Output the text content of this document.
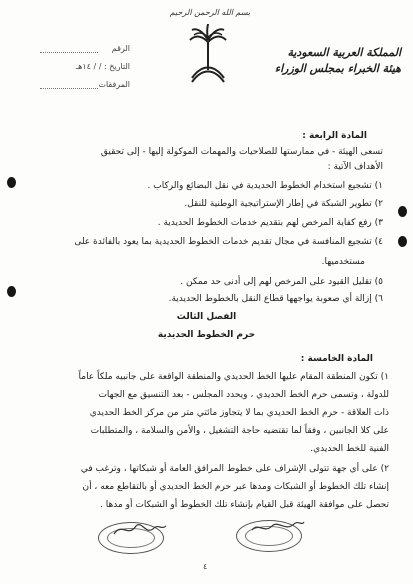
بسم الله الرحمن الرحيم
المملكة العربية السعودية
هيئة الخبراء بمجلس الوزراء
الرقم
التاريخ : / / ١٤هـ
المرفقات
المادة الرابعة :
تسعى الهيئة - في ممارستها للصلاحيات والمهمات الموكولة إليها - إلى تحقيق
الأهداف الآتية :
١) تشجيع استخدام الخطوط الحديدية في نقل البضائع والركاب .
٢) تطوير الشبكة في إطار الإستراتيجية الوطنية للنقل.
٣) رفع كفاية المرخص لهم بتقديم خدمات الخطوط الحديدية .
٤) تشجيع المنافسة في مجال تقديم خدمات الخطوط الحديدية بما يعود بالفائدة على
مستخدميها.
٥) تقليل القيود على المرخص لهم إلى أدنى حد ممكن .
٦) إزالة أي صعوبة يواجهها قطاع النقل بالخطوط الحديدية.
الفصل الثالث
حرم الخطوط الحديدية
المادة الخامسة :
١) تكون المنطقة المقام عليها الخط الحديدي والمنطقة الواقعة على جانبيه ملكاً عاماً
للدولة ، وتسمى حرم الخط الحديدي ، ويحدد المجلس - بعد التنسيق مع الجهات
ذات العلاقة - حرم الخط الحديدي بما لا يتجاوز مائتي متر من مركز الخط الحديدي
على كلا الجانبين ، وفقاً لما تقتضيه حاجة التشغيل ، والأمن والسلامة ، والمتطلبات
الفنية للخط الحديدي.
٢) على أي جهة تتولى الإشراف على خطوط المرافق العامة أو شبكاتها ، وترغب في
إنشاء تلك الخطوط أو الشبكات ومدها عبر حرم الخط الحديدي أو بالتقاطع معه ، أن
تحصل على موافقة الهيئة قبل القيام بإنشاء تلك الخطوط أو الشبكات أو مدها .
٤
